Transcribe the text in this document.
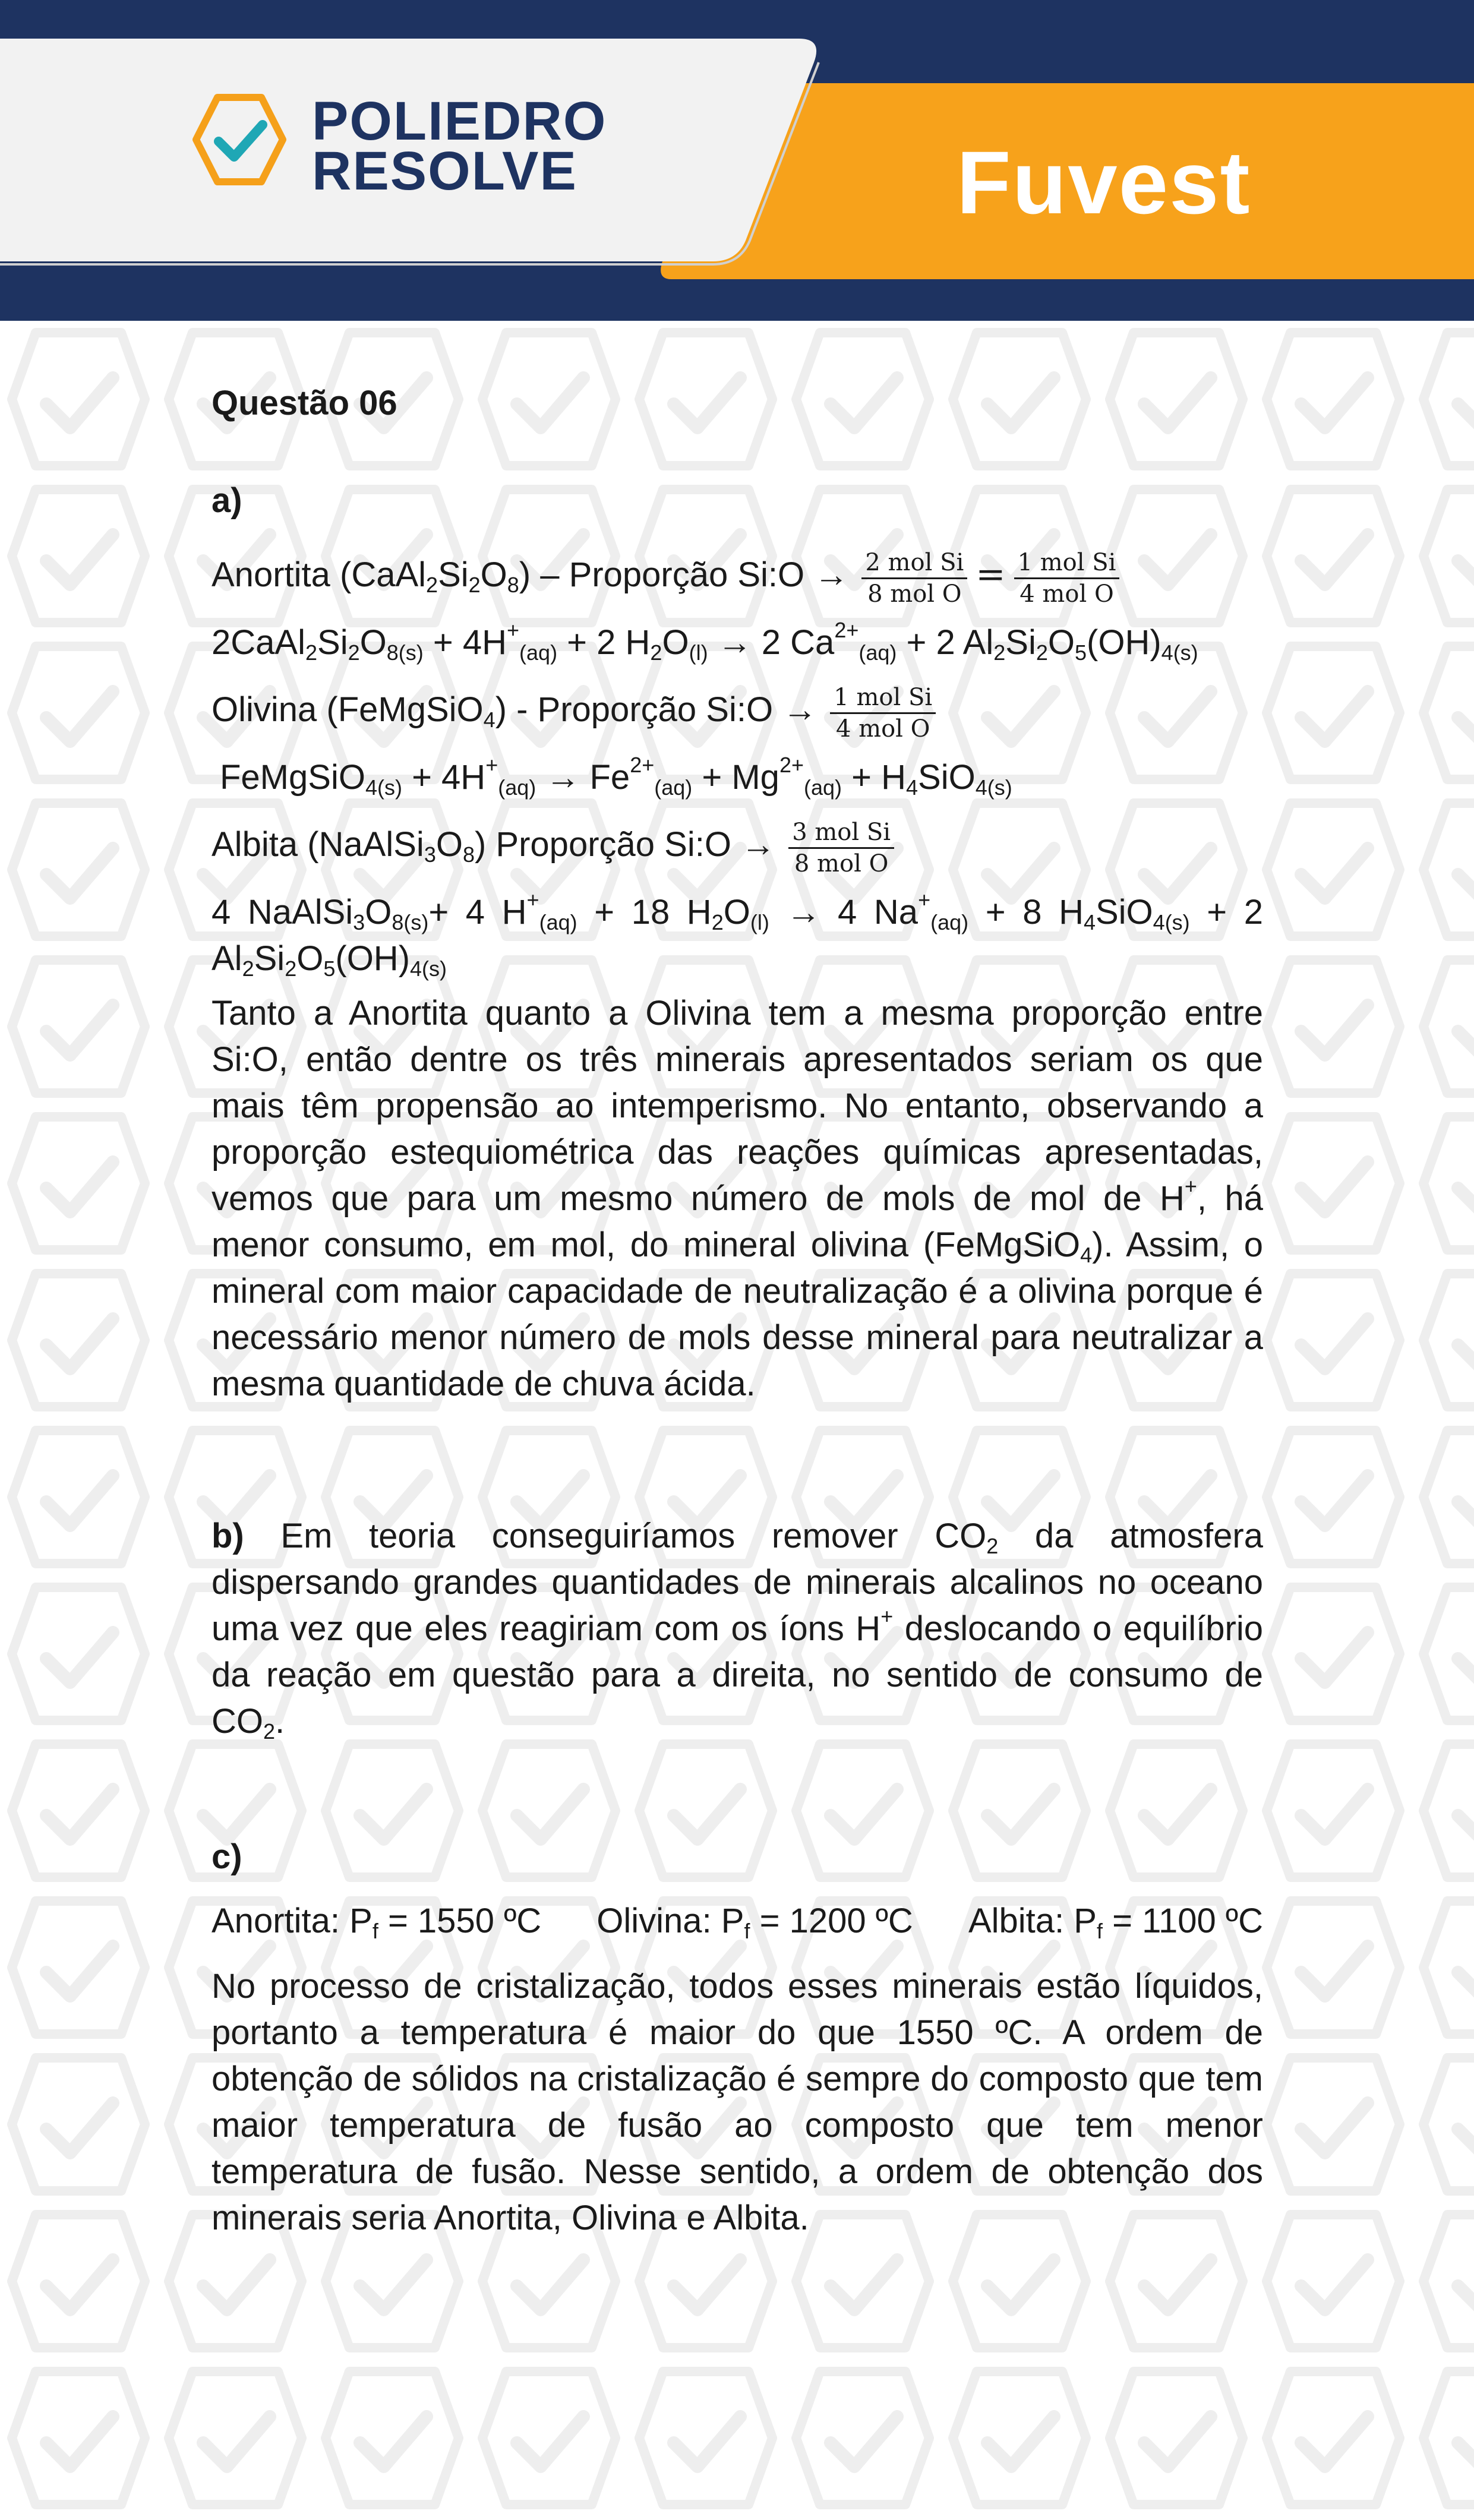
POLIEDRO
RESOLVE	Fuvest
Questão 06
a)
Anortita $(CaAl_2Si_2O_8)$ – Proporção Si:O → $\frac{\text{2 mol Si}}{\text{8 mol O}} = \frac{\text{1 mol Si}}{\text{4 mol O}}$
$2CaAl_2Si_2O_{8(s)} + 4H^+_{(aq)} + 2$ $H_2O_{(l)} \to 2$ $Ca^{2+}_{(aq)} + 2$ $Al_2Si_2O_5(OH)_{4(s)}$
Olivina (FeMgSiO$_4$) - Proporção Si:O → $\frac{\text{1 mol Si}}{\text{4 mol O}}$
FeMgSiO$_{4(s)}$ + $4H^+_{(aq)} \to Fe^{2+}_{(aq)} + Mg^{2+}_{(aq)} + H_4SiO_{4(s)}$
Albita $(NaAlSi_3O_8)$ Proporção Si:O → $\frac{\text{3 mol Si}}{\text{8 mol O}}$
4 $NaAlSi_3O_{8(s)}+ 4$ $H^+_{(aq)} + 18$ $H_2O_{(l)} \to 4$ $Na^+_{(aq)} + 8$ $H_4SiO_{4(s)} + 2$
$Al_2Si_2O_5(OH)_{4(s)}$
Tanto a Anortita quanto a Olivina tem a mesma proporção entre Si:O, então dentre os três minerais apresentados seriam os que mais têm propensão ao intemperismo. No entanto, observando a proporção estequiométrica das reações químicas apresentadas, vemos que para um mesmo número de mols de mol de H+, há menor consumo, em mol, do mineral olivina (FeMgSiO$_4$). Assim, o mineral com maior capacidade de neutralização é a olivina porque é necessário menor número de mols desse mineral para neutralizar a mesma quantidade de chuva ácida.
b) Em teoria conseguiríamos remover $CO_2$ da atmosfera dispersando grandes quantidades de minerais alcalinos no oceano uma vez que eles reagiriam com os íons H+ deslocando o equilíbrio da reação em questão para a direita, no sentido de consumo de $CO_2$.
c)
Anortita: $P_f = 1550$ ºC Olivina: $P_f = 1200$ ºC Albita: $P_f = 1100$ ºC
No processo de cristalização, todos esses minerais estão líquidos, portanto a temperatura é maior do que 1550 ºC. A ordem de obtenção de sólidos na cristalização é sempre do composto que tem maior temperatura de fusão ao composto que tem menor temperatura de fusão. Nesse sentido, a ordem de obtenção dos minerais seria Anortita, Olivina e Albita.
